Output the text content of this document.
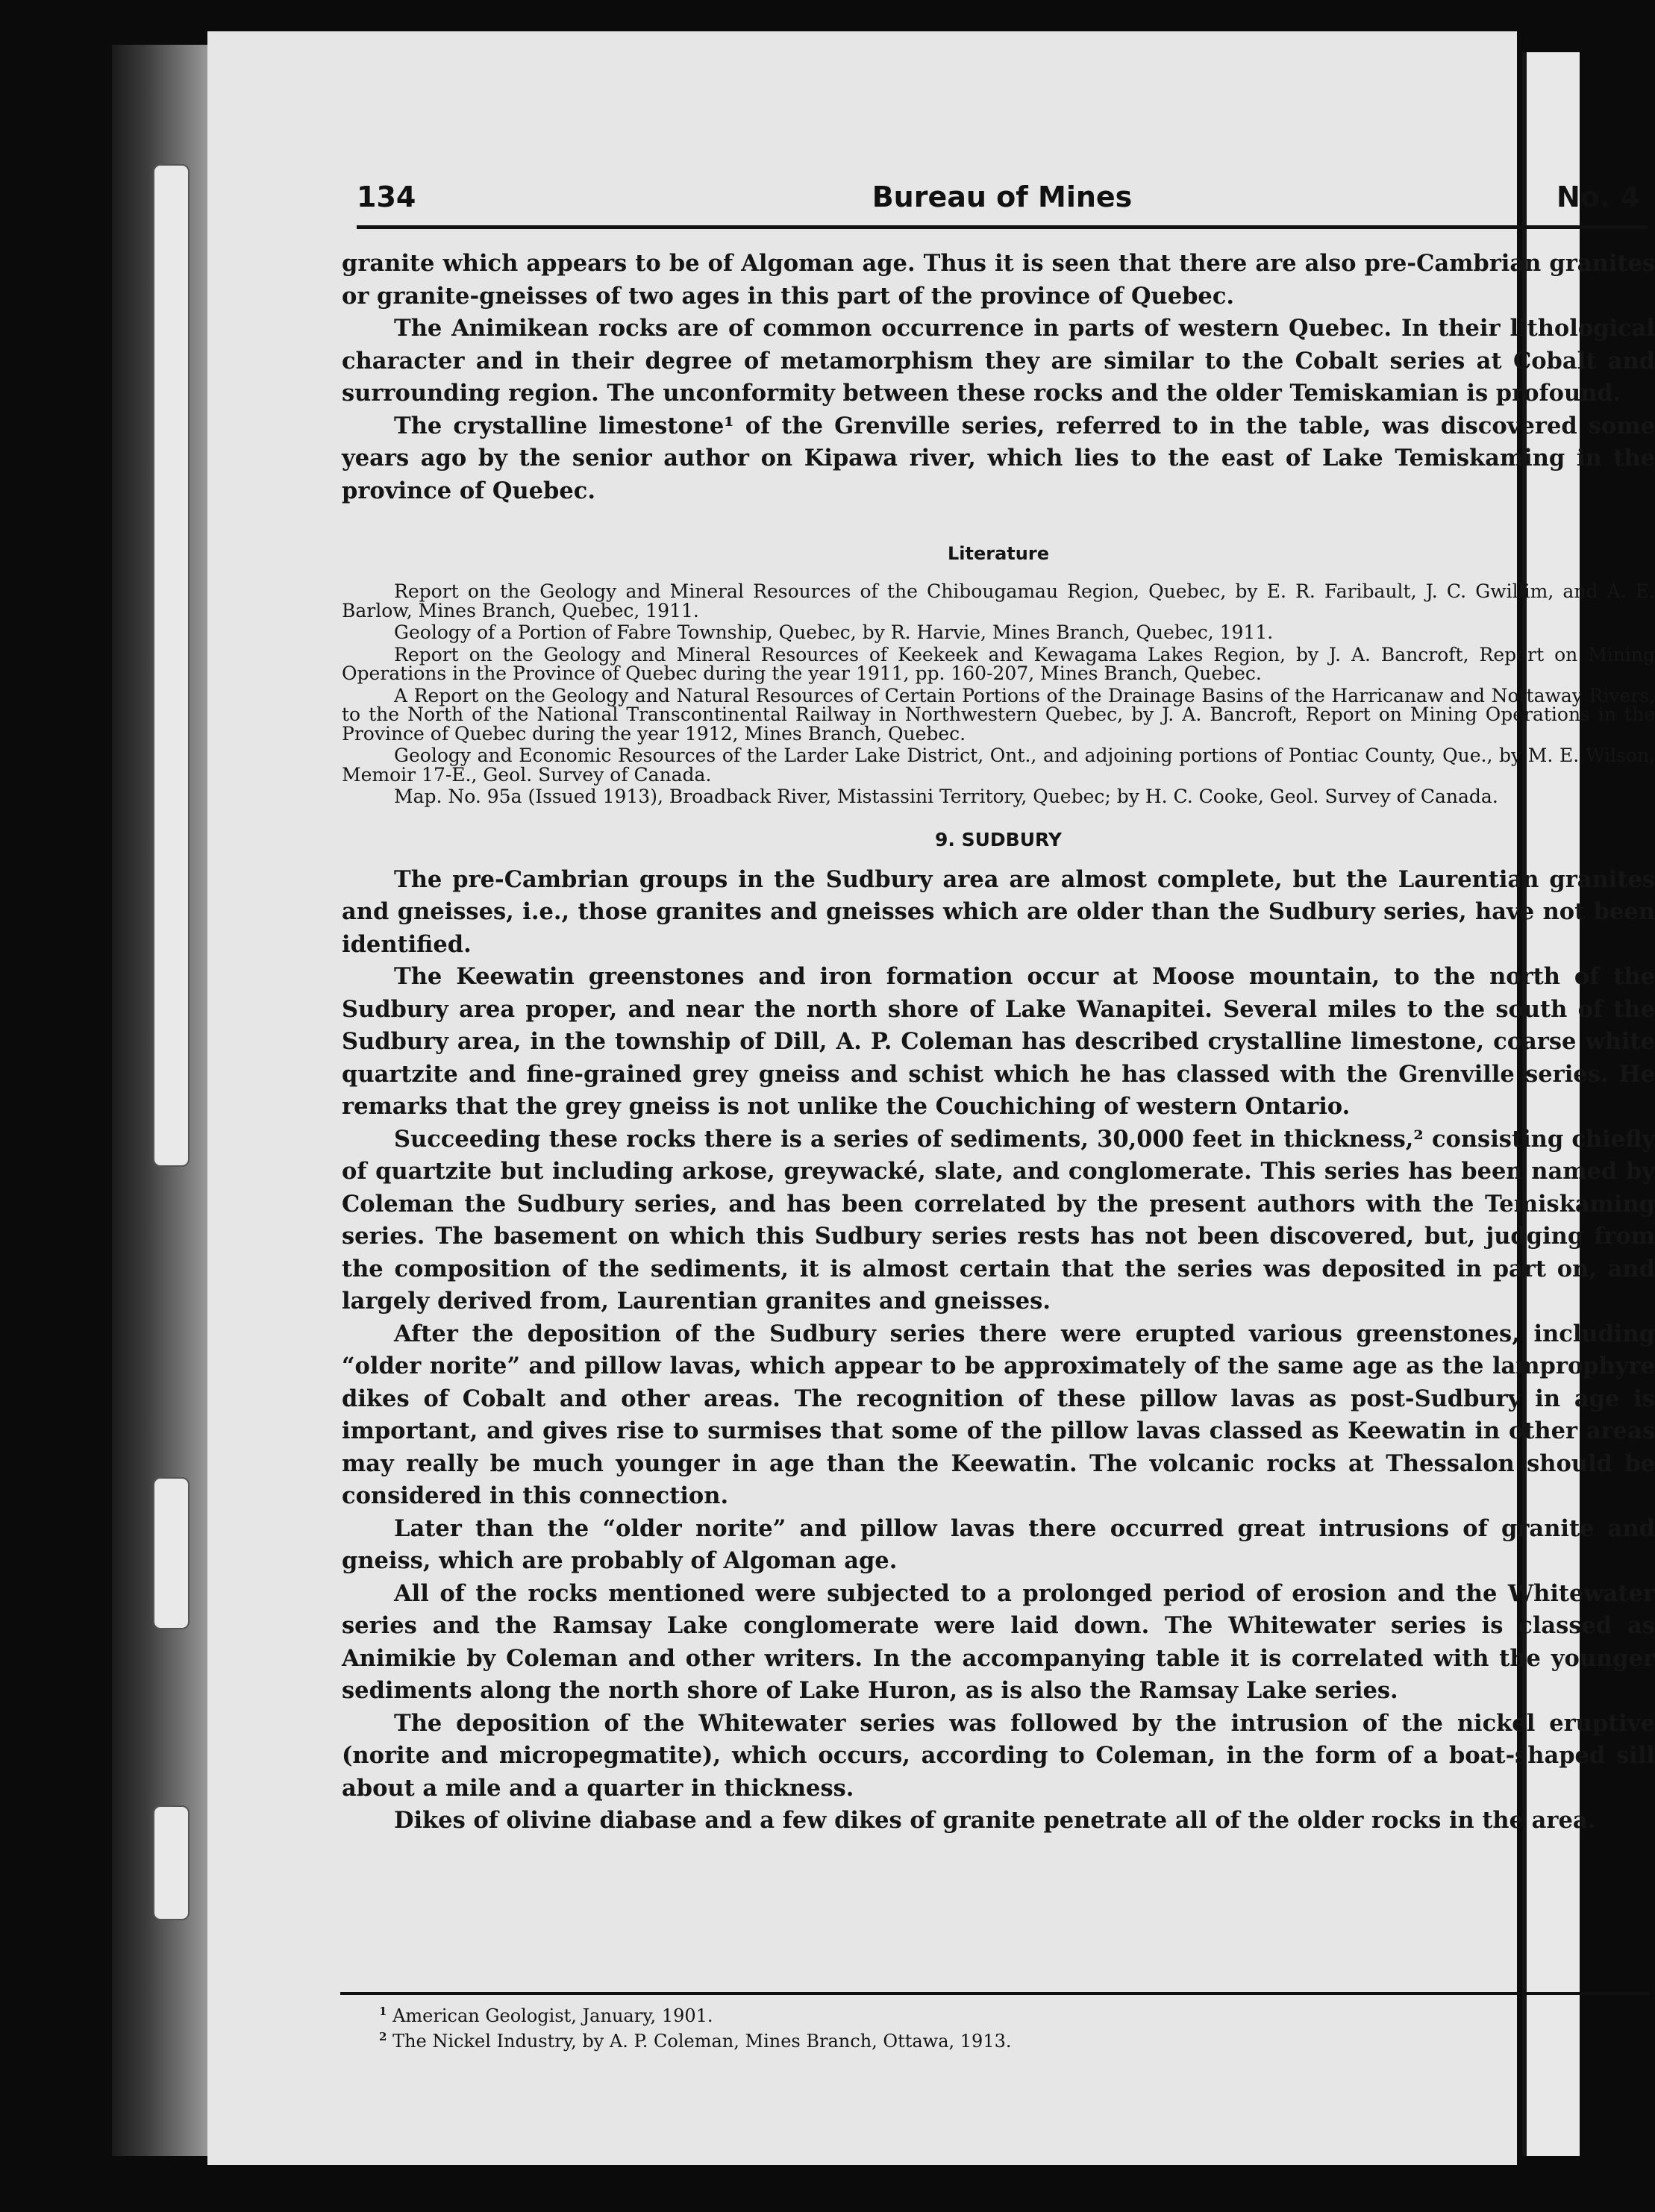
134	Bureau of Mines	No. 4

granite which appears to be of Algoman age. Thus it is seen that there are also pre-Cambrian granites or granite-gneisses of two ages in this part of the province of Quebec.

The Animikean rocks are of common occurrence in parts of western Quebec. In their lithological character and in their degree of metamorphism they are similar to the Cobalt series at Cobalt and surrounding region. The unconformity between these rocks and the older Temiskamian is profound.

The crystalline limestone¹ of the Grenville series, referred to in the table, was discovered some years ago by the senior author on Kipawa river, which lies to the east of Lake Temiskaming in the province of Quebec.

Literature

Report on the Geology and Mineral Resources of the Chibougamau Region, Quebec, by E. R. Faribault, J. C. Gwillim, and A. E. Barlow, Mines Branch, Quebec, 1911.

Geology of a Portion of Fabre Township, Quebec, by R. Harvie, Mines Branch, Quebec, 1911.

Report on the Geology and Mineral Resources of Keekeek and Kewagama Lakes Region, by J. A. Bancroft, Report on Mining Operations in the Province of Quebec during the year 1911, pp. 160-207, Mines Branch, Quebec.

A Report on the Geology and Natural Resources of Certain Portions of the Drainage Basins of the Harricanaw and Nottaway Rivers, to the North of the National Transcontinental Railway in Northwestern Quebec, by J. A. Bancroft, Report on Mining Operations in the Province of Quebec during the year 1912, Mines Branch, Quebec.

Geology and Economic Resources of the Larder Lake District, Ont., and adjoining portions of Pontiac County, Que., by M. E. Wilson, Memoir 17-E., Geol. Survey of Canada.

Map. No. 95a (Issued 1913), Broadback River, Mistassini Territory, Quebec; by H. C. Cooke, Geol. Survey of Canada.

9. SUDBURY

The pre-Cambrian groups in the Sudbury area are almost complete, but the Laurentian granites and gneisses, i.e., those granites and gneisses which are older than the Sudbury series, have not been identified.

The Keewatin greenstones and iron formation occur at Moose mountain, to the north of the Sudbury area proper, and near the north shore of Lake Wanapitei. Several miles to the south of the Sudbury area, in the township of Dill, A. P. Coleman has described crystalline limestone, coarse white quartzite and fine-grained grey gneiss and schist which he has classed with the Grenville series. He remarks that the grey gneiss is not unlike the Couchiching of western Ontario.

Succeeding these rocks there is a series of sediments, 30,000 feet in thickness,² consisting chiefly of quartzite but including arkose, greywacké, slate, and conglomerate. This series has been named by Coleman the Sudbury series, and has been correlated by the present authors with the Temiskaming series. The basement on which this Sudbury series rests has not been discovered, but, judging from the composition of the sediments, it is almost certain that the series was deposited in part on, and largely derived from, Laurentian granites and gneisses.

After the deposition of the Sudbury series there were erupted various greenstones, including “older norite” and pillow lavas, which appear to be approximately of the same age as the lamprophyre dikes of Cobalt and other areas. The recognition of these pillow lavas as post-Sudbury in age is important, and gives rise to surmises that some of the pillow lavas classed as Keewatin in other areas may really be much younger in age than the Keewatin. The volcanic rocks at Thessalon should be considered in this connection.

Later than the “older norite” and pillow lavas there occurred great intrusions of granite and gneiss, which are probably of Algoman age.

All of the rocks mentioned were subjected to a prolonged period of erosion and the Whitewater series and the Ramsay Lake conglomerate were laid down. The Whitewater series is classed as Animikie by Coleman and other writers. In the accompanying table it is correlated with the younger sediments along the north shore of Lake Huron, as is also the Ramsay Lake series.

The deposition of the Whitewater series was followed by the intrusion of the nickel eruptive (norite and micropegmatite), which occurs, according to Coleman, in the form of a boat-shaped sill about a mile and a quarter in thickness.

Dikes of olivine diabase and a few dikes of granite penetrate all of the older rocks in the area.

$^1$ American Geologist, January, 1901.

$^2$ The Nickel Industry, by A. P. Coleman, Mines Branch, Ottawa, 1913.
